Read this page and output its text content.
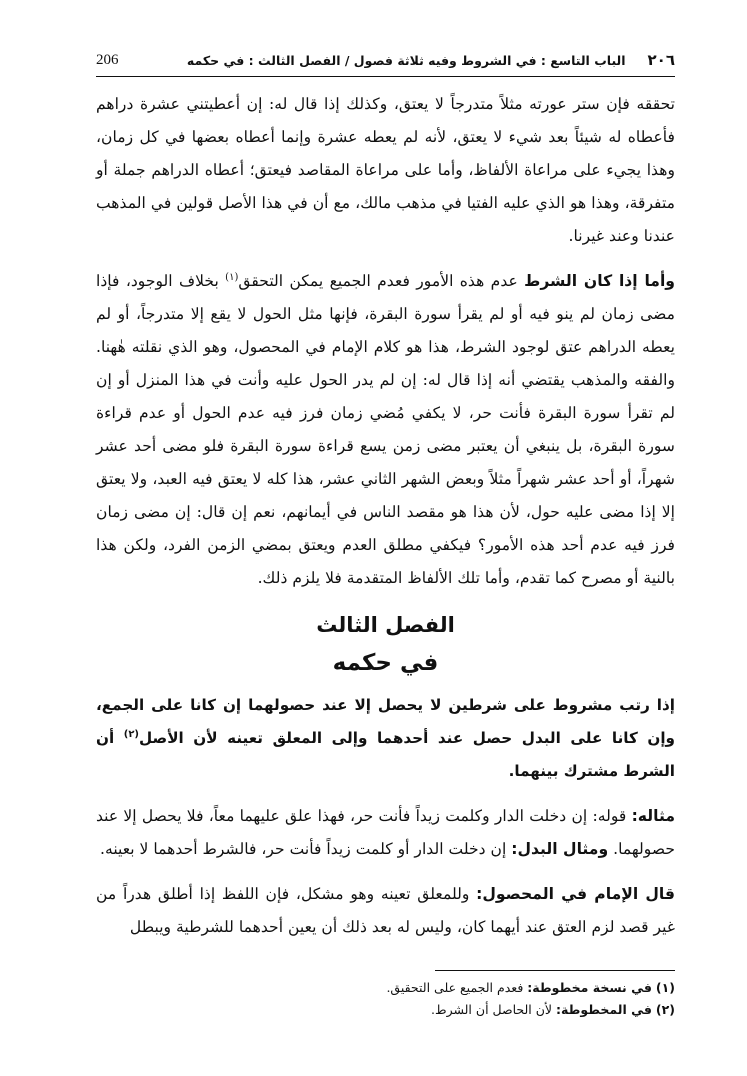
206	٢٠٦
الباب التاسع : في الشروط وفيه ثلاثة فصول / الفصل الثالث : في حكمه

تحققه فإن ستر عورته مثلاً متدرجاً لا يعتق، وكذلك إذا قال له: إن أعطيتني عشرة دراهم فأعطاه له شيئاً بعد شيء لا يعتق، لأنه لم يعطه عشرة وإنما أعطاه بعضها في كل زمان، وهذا يجيء على مراعاة الألفاظ، وأما على مراعاة المقاصد فيعتق؛ أعطاه الدراهم جملة أو متفرقة، وهذا هو الذي عليه الفتيا في مذهب مالك، مع أن في هذا الأصل قولين في المذهب عندنا وعند غيرنا.

وأما إذا كان الشرط عدم هذه الأمور فعدم الجميع يمكن التحقق$^{(١)}$ بخلاف الوجود، فإذا مضى زمان لم ينو فيه أو لم يقرأ سورة البقرة، فإنها مثل الحول لا يقع إلا متدرجاً، أو لم يعطه الدراهم عتق لوجود الشرط، هذا هو كلام الإمام في المحصول، وهو الذي نقلته هٰهنا. والفقه والمذهب يقتضي أنه إذا قال له: إن لم يدر الحول عليه وأنت في هذا المنزل أو إن لم تقرأ سورة البقرة فأنت حر، لا يكفي مُضي زمان فرز فيه عدم الحول أو عدم قراءة سورة البقرة، بل ينبغي أن يعتبر مضى زمن يسع قراءة سورة البقرة فلو مضى أحد عشر شهراً، أو أحد عشر شهراً مثلاً وبعض الشهر الثاني عشر، هذا كله لا يعتق فيه العبد، ولا يعتق إلا إذا مضى عليه حول، لأن هذا هو مقصد الناس في أيمانهم، نعم إن قال: إن مضى زمان فرز فيه عدم أحد هذه الأمور؟ فيكفي مطلق العدم ويعتق بمضي الزمن الفرد، ولكن هذا بالنية أو مصرح كما تقدم، وأما تلك الألفاظ المتقدمة فلا يلزم ذلك.

الفصل الثالث
في حكمه

إذا رتب مشروط على شرطين لا يحصل إلا عند حصولهما إن كانا على الجمع، وإن كانا على البدل حصل عند أحدهما وإلى المعلق تعينه لأن الأصل$^{(٢)}$ أن الشرط مشترك بينهما.

مثاله: قوله: إن دخلت الدار وكلمت زيداً فأنت حر، فهذا علق عليهما معاً، فلا يحصل إلا عند حصولهما. ومثال البدل: إن دخلت الدار أو كلمت زيداً فأنت حر، فالشرط أحدهما لا بعينه.

قال الإمام في المحصول: وللمعلق تعينه وهو مشكل، فإن اللفظ إذا أطلق هدراً من غير قصد لزم العتق عند أيهما كان، وليس له بعد ذلك أن يعين أحدهما للشرطية ويبطل

(١) في نسخة مخطوطة: فعدم الجميع على التحقيق.

(٢) في المخطوطة: لأن الحاصل أن الشرط.
